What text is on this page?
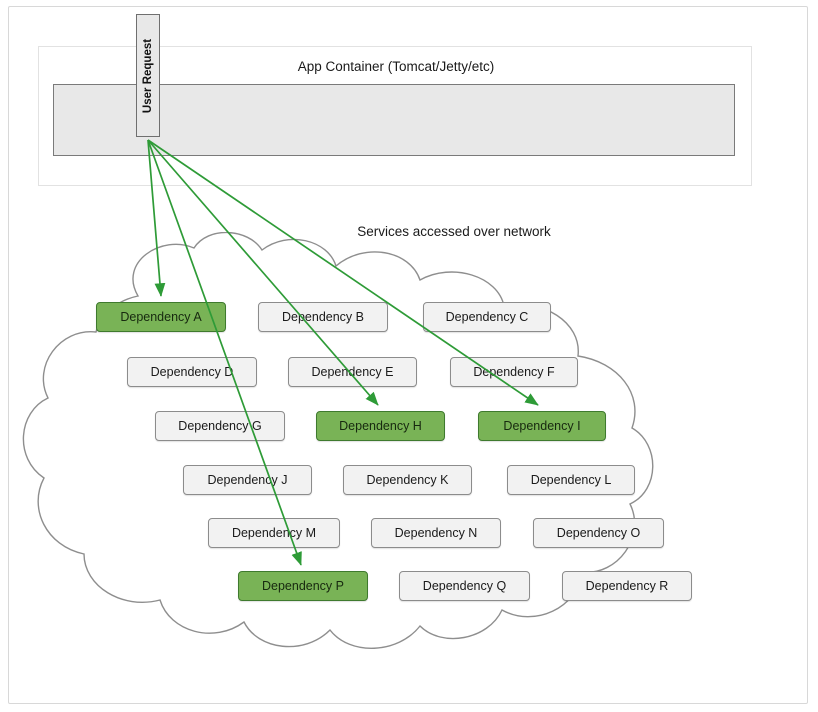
App Container (Tomcat/Jetty/etc)
User Request
Services accessed over network
Dependency A	Dependency B	Dependency C
Dependency D	Dependency E	Dependency F
Dependency G	Dependency H	Dependency I
Dependency J	Dependency K	Dependency L
Dependency M	Dependency N	Dependency O
Dependency P	Dependency Q	Dependency R
